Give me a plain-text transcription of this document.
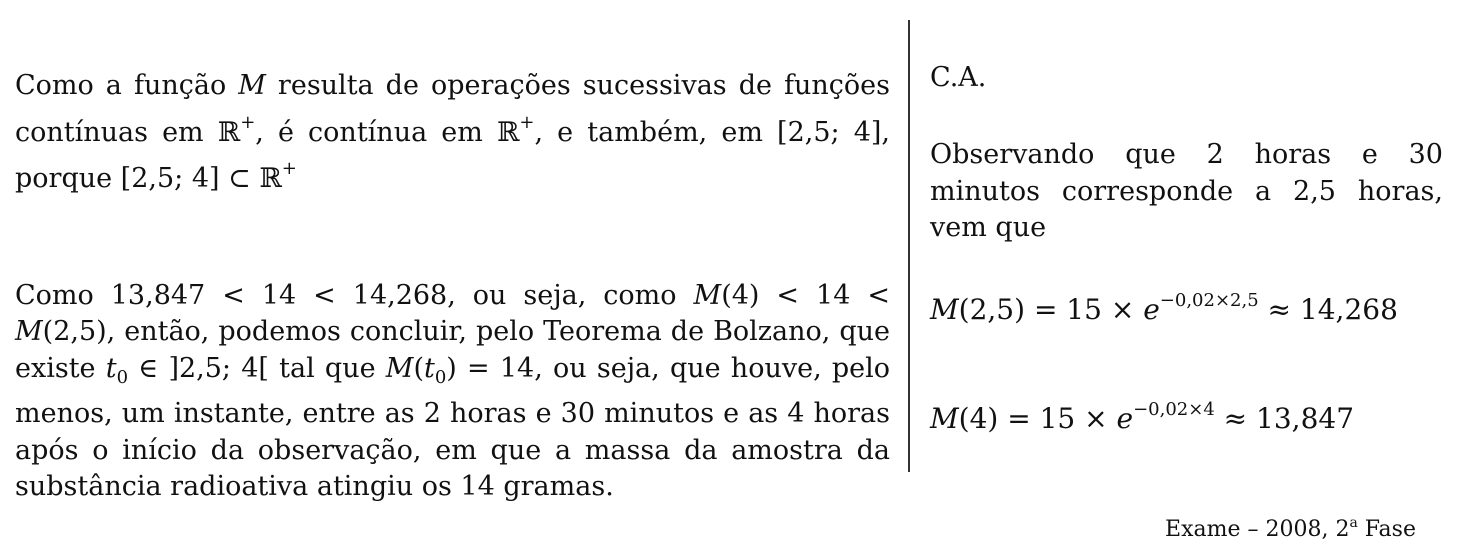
Como a função M resulta de operações sucessivas de funções contínuas em ℝ+, é contínua em ℝ+, e também, em [2,5; 4], porque [2,5; 4] ⊂ ℝ+

Como 13,847 < 14 < 14,268, ou seja, como M(4) < 14 < M(2,5), então, podemos concluir, pelo Teorema de Bolzano, que existe $t_0$ ∈ ]2,5; 4[ tal que $M(t_0) = 14$, ou seja, que houve, pelo menos, um instante, entre as 2 horas e 30 minutos e as 4 horas após o início da observação, em que a massa da amostra da substância radioativa atingiu os 14 gramas.

C.A.

Observando que 2 horas e 30 minutos corresponde a 2,5 horas, vem que

$M(2,5) = 15 \times e^{-0,02\times 2,5} \approx 14,268$
$M(4) = 15 \times e^{-0,02\times 4} \approx 13,847$
Exame – 2008, 2$^a$ Fase
